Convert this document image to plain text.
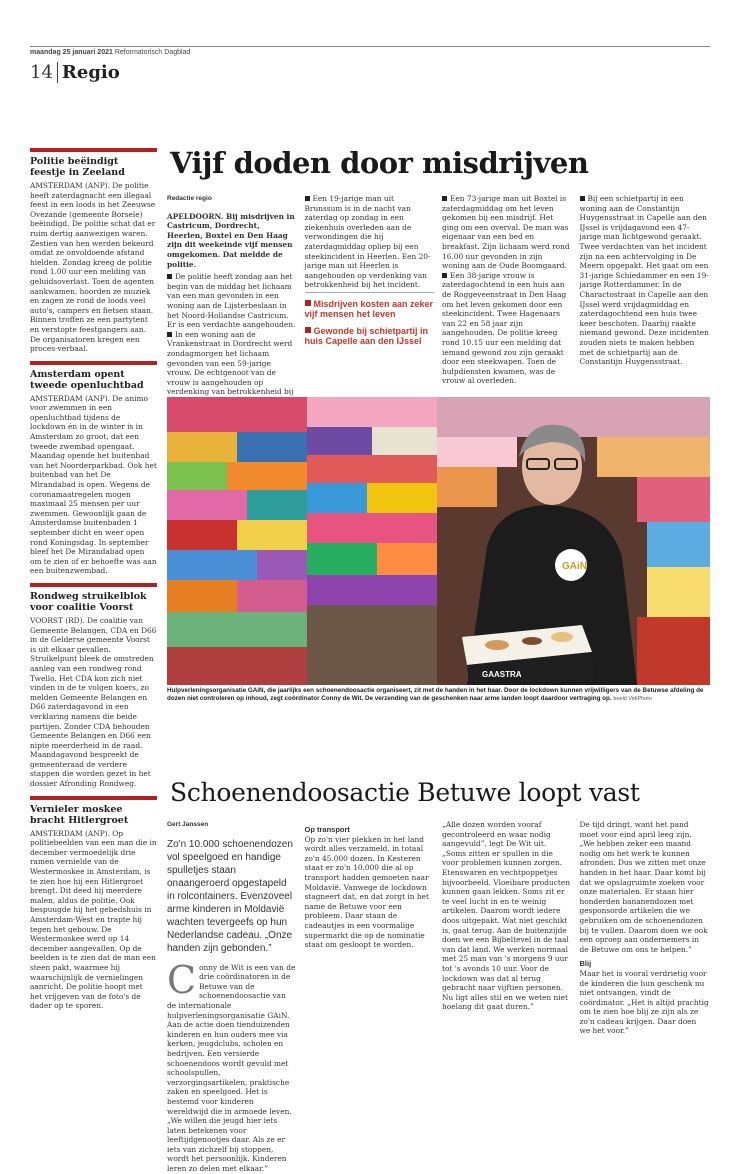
maandag 25 januari 2021 Reformatorisch Dagblad
14 Regio
Politie beëindigt feestje in Zeeland
AMSTERDAM (ANP). De politie heeft zaterdagnacht een illegaal feest in een loods in het Zeeuwse Ovezande (gemeente Borsele) beëindigd. De politie schat dat er ruim dertig aanwezigen waren. Zestien van hen werden bekeurd omdat ze onvoldoende afstand hielden. Zondag kreeg de politie rond 1.00 uur een melding van geluidsoverlast. Toen de agenten aankwamen, hoorden ze muziek en zagen ze rond de loods veel auto's, campers en fietsen staan. Binnen troffen ze een partytent en verstopte feestgangers aan. De organisatoren kregen een proces-verbaal.
Amsterdam opent tweede openluchtbad
AMSTERDAM (ANP). De animo voor zwemmen in een openluchtbad tijdens de lockdown én in de winter is in Amsterdam zo groot, dat een tweede zwembad opengaat. Maandag opende het buitenbad van het Noorderparkbad. Ook het buitenbad van het De Mirandabad is open. Wegens de coronamaatregelen mogen maximaal 25 mensen per uur zwemmen. Gewoonlijk gaan de Amsterdamse buitenbaden 1 september dicht en weer open rond Koningsdag. In september bleef het De Mirandabad open om te zien of er behoefte was aan een buitenzwembad.
Rondweg struikelblok voor coalitie Voorst
VOORST (RD). De coalitie van Gemeente Belangen, CDA en D66 in de Gelderse gemeente Voorst is uit elkaar gevallen. Struikelpunt bleek de omstreden aanleg van een rondweg rond Twello. Het CDA kon zich niet vinden in de te volgen koers, zo melden Gemeente Belangen en D66 zaterdagavond in een verklaring namens die beide partijen. Zonder CDA behouden Gemeente Belangen en D66 een nipte meerderheid in de raad. Maandagavond bespreekt de gemeenteraad de verdere stappen die worden gezet in het dossier Afronding Rondweg.
Vernieler moskee bracht Hitlergroet
AMSTERDAM (ANP). Op politiebeelden van een man die in december vermoedelijk drie ramen vernielde van de Westermoskee in Amsterdam, is te zien hoe hij een Hitlergroet brengt. Dit deed hij meerdere malen, aldus de politie. Ook bespuugde hij het gebedshuis in Amsterdam-West en trapte hij tegen het gebouw. De Westermoskee werd op 14 december aangevallen. Op de beelden is te zien dat de man een steen pakt, waarmee hij waarschijnlijk de vernielingen aanricht. De politie hoopt met het vrijgeven van de foto's de dader op te sporen.
Vijf doden door misdrijven
Redactie regio

APELDOORN. Bij misdrijven in Castricum, Dordrecht, Heerlen, Boxtel en Den Haag zijn dit weekeinde vijf mensen omgekomen. Dat meldde de politie.

De politie heeft zondag aan het begin van de middag het lichaam van een man gevonden in een woning aan de Lijsterbeslaan in het Noord-Hollandse Castricum. Er is een verdachte aangehouden.

In een woning aan de Vrankenstraat in Dordrecht werd zondagmorgen het lichaam gevonden van een 59-jarige vrouw. De echtgenoot van de vrouw is aangehouden op verdenking van betrokkenheid bij

Een 19-jarige man uit Brunssum is in de nacht van zaterdag op zondag in een ziekenhuis overleden aan de verwondingen die hij zaterdagmiddag opliep bij een steekincident in Heerlen. Een 20-jarige man uit Heerlen is aangehouden op verdenking van betrokkenheid bij het incident.

Misdrijven kosten aan zeker vijf mensen het leven
Gewonde bij schietpartij in huis Capelle aan den IJssel

Een 73-jarige man uit Boxtel is zaterdagmiddag om het leven gekomen bij een misdrijf. Het ging om een overval. De man was eigenaar van een bed en breakfast. Zijn lichaam werd rond 16.00 uur gevonden in zijn woning aan de Oude Boomgaard.

Een 38-jarige vrouw is zaterdagochtend in een huis aan de Roggeveenstraat in Den Haag om het leven gekomen door een steekincident. Twee Hagenaars van 22 en 58 jaar zijn aangehouden. De politie kreeg rond 10.15 uur een melding dat iemand gewond zou zijn geraakt door een steekwapen. Toen de hulpdiensten kwamen, was de vrouw al overleden.

Bij een schietpartij in een woning aan de Constantijn Huygensstraat in Capelle aan den IJssel is vrijdagavond een 47-jarige man lichtgewond geraakt. Twee verdachten van het incident zijn na een achtervolging in De Meern opgepakt. Het gaat om een 31-jarige Schiedammer en een 19-jarige Rotterdammer. In de Charactostraat in Capelle aan den IJssel werd vrijdagmiddag en zaterdagochtend een huis twee keer beschoten. Daarbij raakte niemand gewond. Deze incidenten zouden niets te maken hebben met de schietpartij aan de Constantijn Huygensstraat.

GAiN
GAASTRA
Hulpverleningsorganisatie GAiN, die jaarlijks een schoenendoosactie organiseert, zit met de handen in het haar. Door de lockdown kunnen vrijwilligers van de Betuwse afdeling de dozen niet controleren op inhoud, zegt coördinator Conny de Wit. De verzending van de geschenken naar arme landen loopt daardoor vertraging op. beeld VidiPhoto
Schoenendoosactie Betuwe loopt vast
Gert Janssen

Zo'n 10.000 schoenendozen vol speelgoed en handige spulletjes staan onaangeroerd opgestapeld in rolcontainers. Evenzoveel arme kinderen in Moldavië wachten tevergeefs op hun Nederlandse cadeau. „Onze handen zijn gebonden.”

C onny de Wit is een van de drie coördinatoren in de Betuwe van de schoenendoosactie van de internationale hulpverleningsorganisatie GAiN. Aan de actie doen tienduizenden kinderen en hun ouders mee via kerken, jeugdclubs, scholen en bedrijven. Een versierde schoenendoos wordt gevuld met schoolspullen, verzorgingsartikelen, praktische zaken en speelgoed. Het is bestemd voor kinderen wereldwijd die in armoede leven. „We willen die jeugd hier iets laten betekenen voor leeftijdgenootjes daar. Als ze er iets van zichzelf bij stoppen, wordt het persoonlijk. Kinderen leren zo delen met elkaar.”
Op transport

Op zo'n vier plekken in het land wordt alles verzameld, in totaal zo'n 45.000 dozen. In Kesteren staat er zo'n 10.000 die al op transport hadden gemoeten naar Moldavië. Vanwege de lockdown stagneert dat, en dat zorgt in het name de Betuwe voor een probleem. Daar staan de cadeautjes in een voormalige supermarkt die op de nominatie staat om gesloopt te worden.

„Alle dozen worden vooraf gecontroleerd en waar nodig aangevuld”, legt De Wit uit. „Soms zitten er spullen in die voor problemen kunnen zorgen. Etenswaren en vechtpoppetjes bijvoorbeeld. Vloeibare producten kunnen gaan lekken. Soms zit er te veel lucht in en te weinig artikelen. Daarom wordt iedere doos uitgepakt. Wat niet geschikt is, gaat terug. Aan de buitenzijde doen we een Bijbeltevel in de taal van dat land. We werken normaal met 25 man van 's morgens 9 uur tot 's avonds 10 uur. Voor de lockdown was dat al terug gebracht naar vijftien personen. Nu ligt alles stil en we weten niet hoelang dit gaat duren.”

De tijd dringt, want het pand moet voor eind april leeg zijn. „We hebben zeker een maand nodig om het werk te kunnen afronden. Dus we zitten met onze handen in het haar. Daar komt bij dat we opslagruimte zoeken voor onze materialen. Er staan hier honderden bananendozen met gesponsorde artikelen die we gebruiken om de schoenendozen bij te vullen. Daarom doen we ook een oproep aan ondernemers in de Betuwe om ons te helpen.”

Blij

Maar het is vooral verdrietig voor de kinderen die hun geschenk nu niet ontvangen, vindt de coördinator. „Het is altijd prachtig om te zien hoe blij ze zijn als ze zo'n cadeau krijgen. Daar doen we het voor.”
